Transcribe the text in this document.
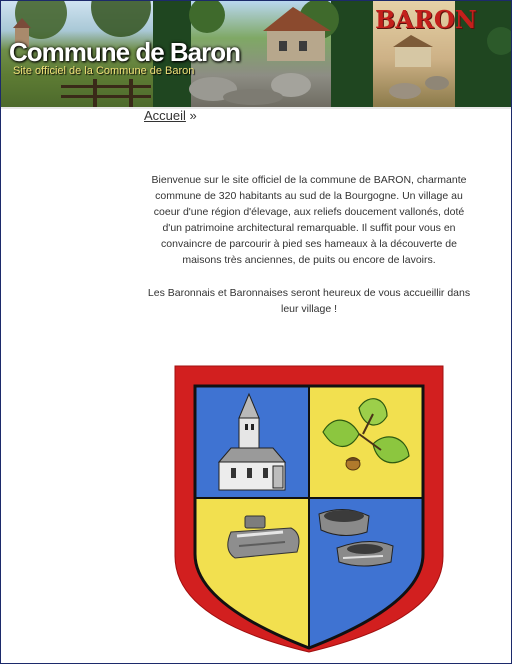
Commune de Baron
Site officiel de la Commune de Baron
BARON
Accueil »

Bienvenue sur le site officiel de la commune de BARON, charmante commune de 320 habitants au sud de la Bourgogne. Un village au coeur d'une région d'élevage, aux reliefs doucement vallonés, doté d'un patrimoine architectural remarquable. Il suffit pour vous en convaincre de parcourir à pied ses hameaux à la découverte de maisons très anciennes, de puits ou encore de lavoirs.

Les Baronnais et Baronnaises seront heureux de vous accueillir dans leur village !
